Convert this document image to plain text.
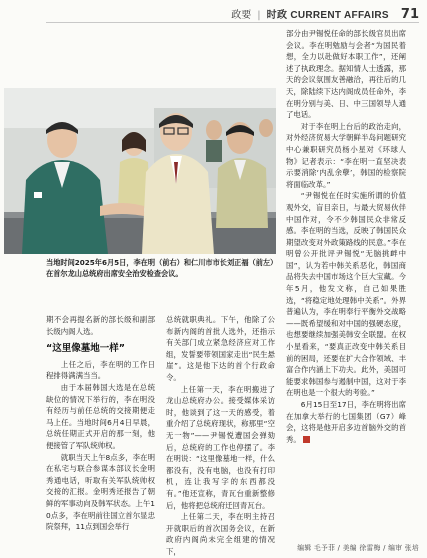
政要 | 时政 CURRENT AFFAIRS 71
当地时间2025年6月5日，李在明（前右）和仁川市市长刘正福（前左）在首尔龙山总统府出席安全治安检查会议。

期不会再提名新的部长级和副部长级内阁人选。

“这里像墓地一样”

上任之后，李在明的工作日程排得满满当当。

由于本届韩国大选是在总统缺位的情况下举行的，李在明没有经历与前任总统的交接期便走马上任。当地时间6月4日早晨，总统任期正式开启的那一刻，他便接管了军队统帅权。

就职当天上午8点多，李在明在私宅与联合参谋本部议长金明秀通电话，听取有关军队统帅权交接的汇报。金明秀还报告了朝鲜的军事动向及韩军状态。上午10点多，李在明前往国立首尔显忠院祭拜，11点到国会举行

总统就职典礼。下午，他除了公布新内阁的首批人选外，还指示有关部门成立紧急经济应对工作组，发誓要带领国家走出“民生悬崖”。这是他下达的首个行政命令。

上任第一天，李在明搬进了龙山总统府办公。接受媒体采访时，他谈到了这一天的感受，着重介绍了总统府现状，称那里“空无一物”——尹锡悦遭国会弹劾后，总统府的工作也停摆了。李在明说：“这里像墓地一样，什么都没有，没有电脑，也没有打印机，连让我写字的东西都没有。”他还宣称，青瓦台重新整修后，他将把总统府迁回青瓦台。

上任第二天，李在明主持召开就职后的首次国务会议，在新政府内阁尚未完全组建的情况下，

部分由尹锡悦任命的部长级官员出席会议。李在明勉励与会者“为国民着想，全力以赴做好本职工作”，还阐述了执政理念。据知情人士透露，那天的会议氛围友善融洽，再往后的几天，除陆续下达内阁成员任命外，李在明分别与美、日、中三国领导人通了电话。

对于李在明上台后的政治走向，对外经济贸易大学朝鲜半岛问题研究中心兼职研究员杨小星对《环球人物》记者表示：“李在明一直坚决表示要消除‘内乱余孽’，韩国的检察院将面临改革。”

“尹锡悦在任时实施所谓的价值观外交，盲目亲日，与最大贸易伙伴中国作对，令不少韩国民众非常反感。李在明的当选，反映了韩国民众期望改变对外政策路线的民意。”李在明曾公开批评尹锡悦“无脑挑衅中国”，认为若中韩关系恶化，韩国商品将失去中国市场这个巨大宝藏。今年5月，他发文称，自己如果胜选，“将稳定地处理韩中关系”。外界普遍认为，李在明奉行平衡外交战略——既希望缓和对中国的强硬态度，也想要继续加强美韩安全联盟。在权小星看来，“要真正改变中韩关系目前的困局，还要在扩大合作领域、丰富合作内涵上下功夫。此外，美国可能要求韩国参与遏制中国，这对于李在明也是一个很大的考验。”

6月15日至17日，李在明将出席在加拿大举行的七国集团（G7）峰会，这将是他开启多边首脑外交的首秀。

编辑 毛予菲 / 美编 徐雷梅 / 编审 张培
